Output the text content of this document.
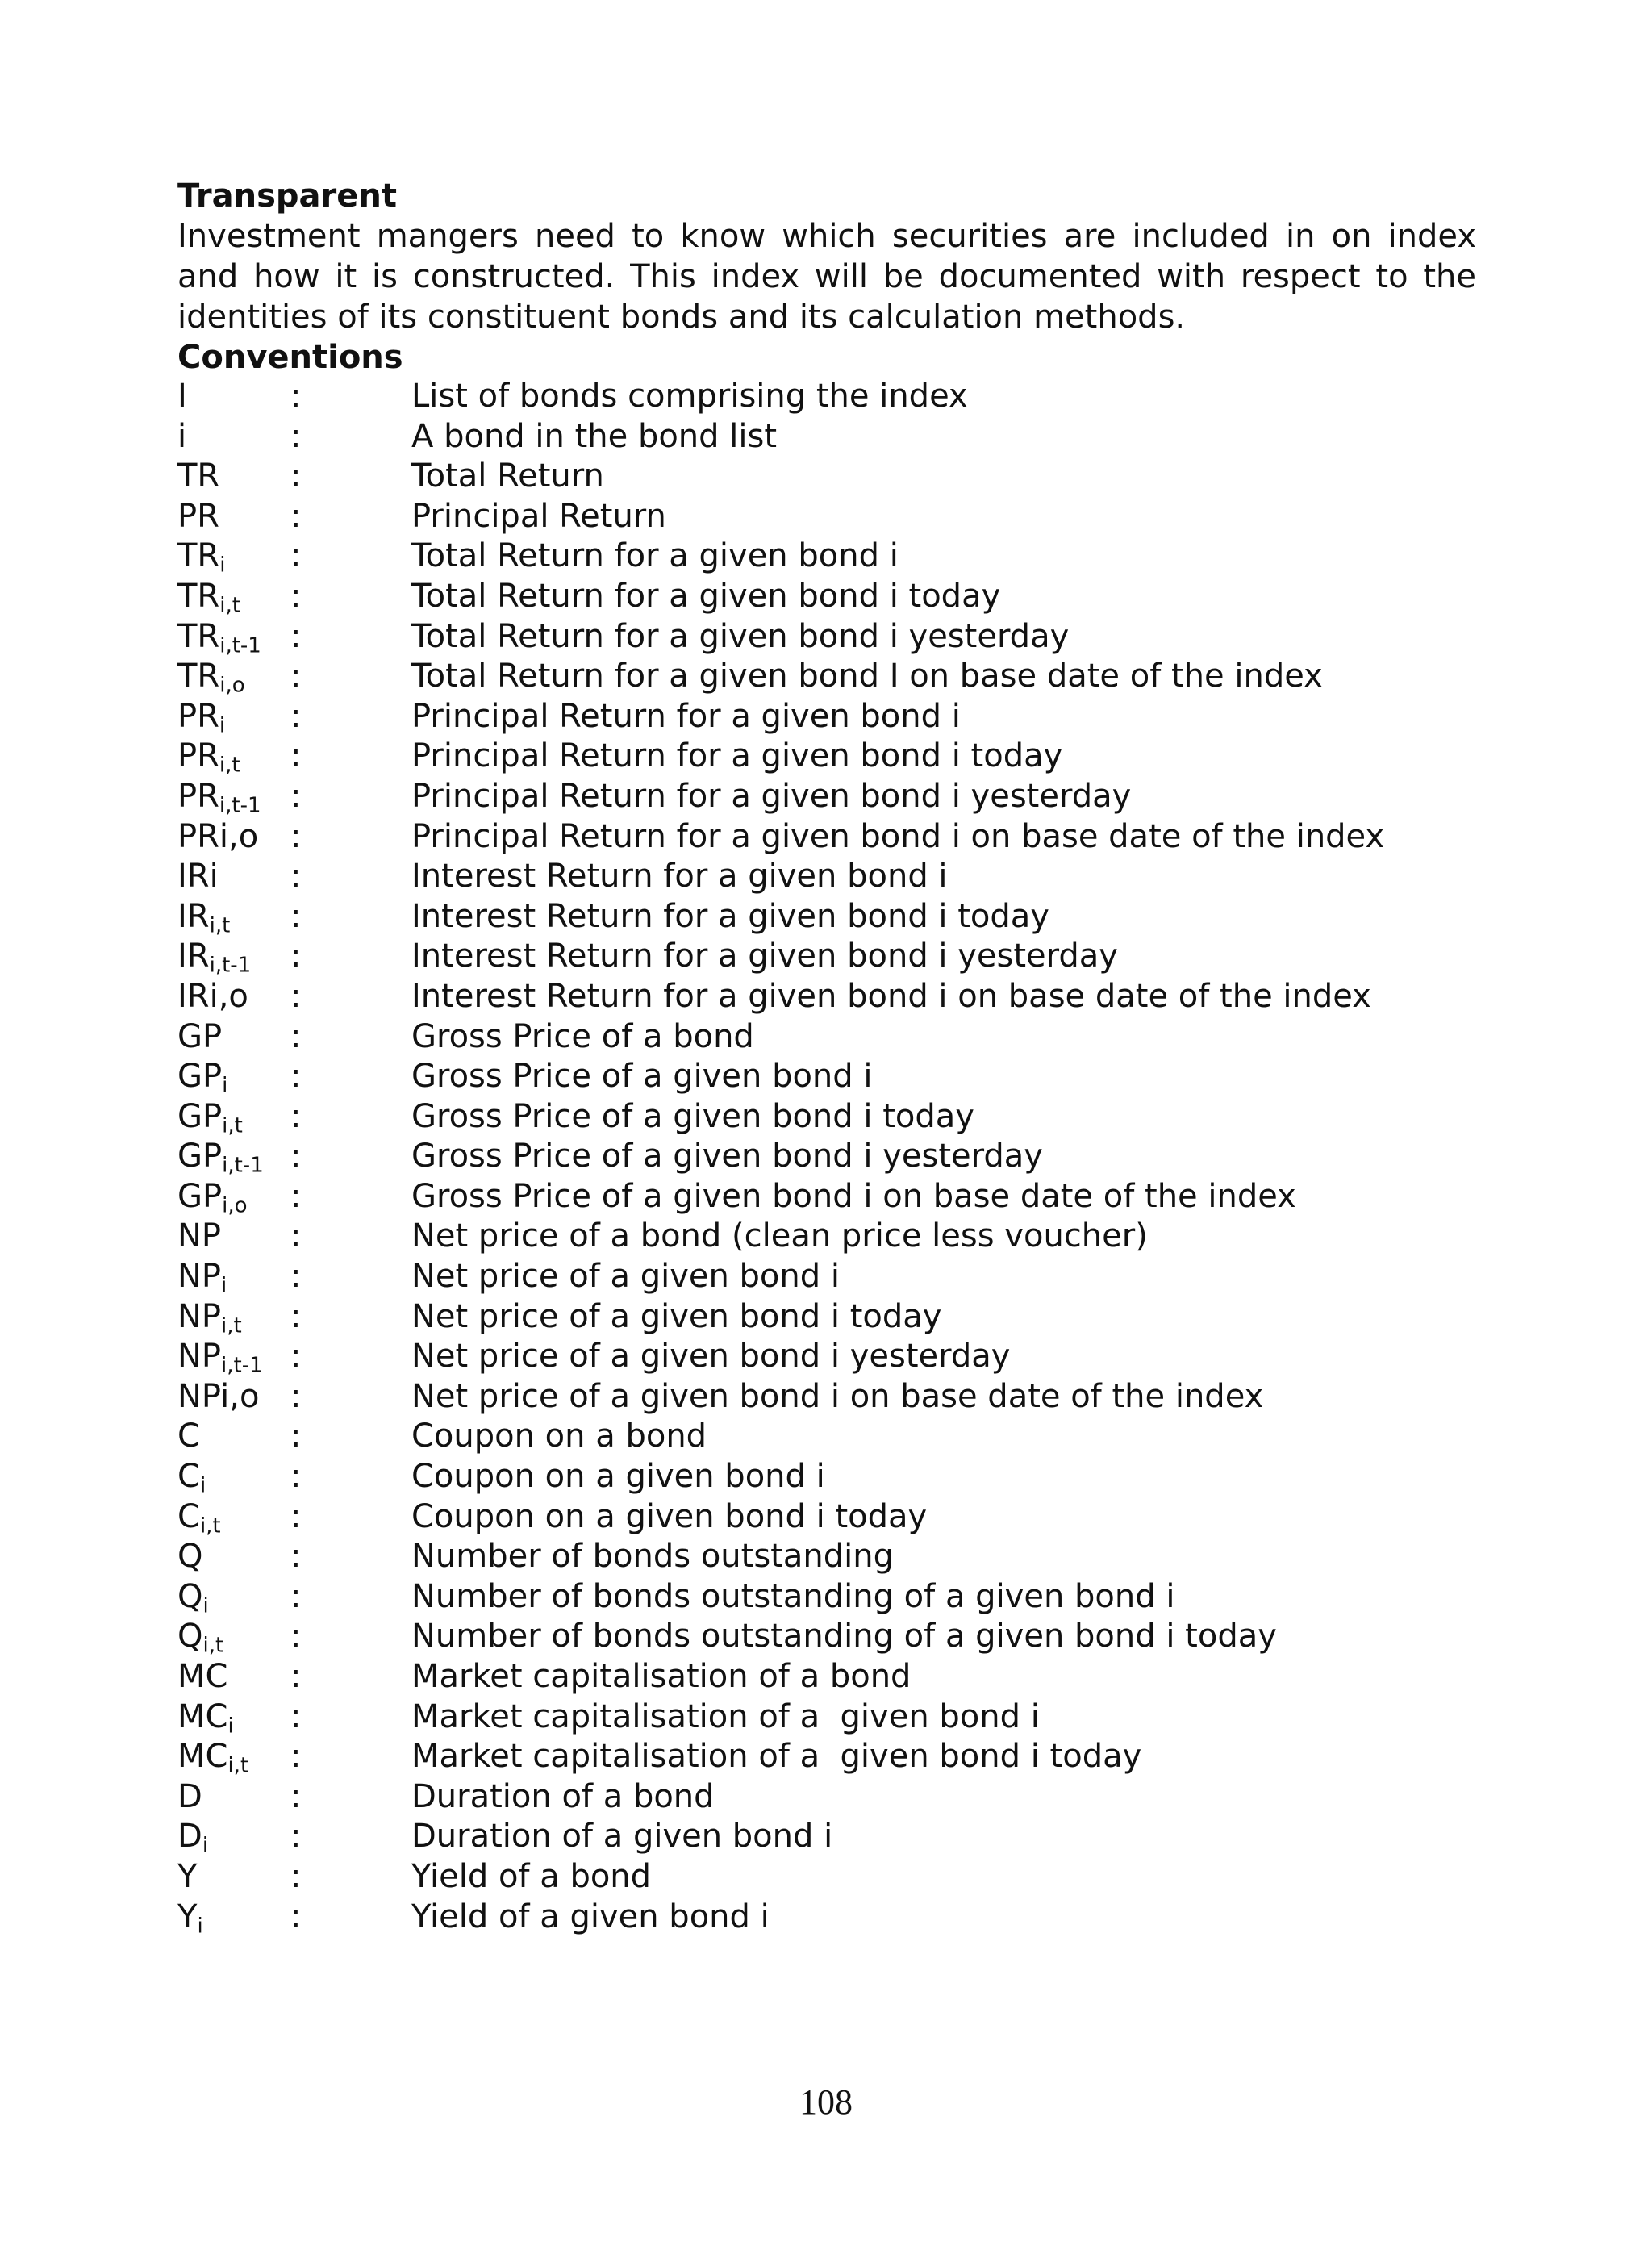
Transparent
Investment mangers need to know which securities are included in on index and how it is constructed. This index will be documented with respect to the identities of its constituent bonds and its calculation methods.
Conventions
I	:	List of bonds comprising the index
i	:	A bond in the bond list
TR	:	Total Return
PR	:	Principal Return
$TR_i$	:	Total Return for a given bond i
$TR_{i,t}$	:	Total Return for a given bond i today
$TR_{i,t-1}$ :	Total Return for a given bond i yesterday
$TR_{i,o}$	:	Total Return for a given bond I on base date of the index
$PR_i$	:	Principal Return for a given bond i
$PR_{i,t}$	:	Principal Return for a given bond i today
$PR_{i,t-1}$ :	Principal Return for a given bond i yesterday
PRi,o :	Principal Return for a given bond i on base date of the index
IRi	:	Interest Return for a given bond i
$IR_{i,t}$	:	Interest Return for a given bond i today
$IR_{i,t-1}$	:	Interest Return for a given bond i yesterday
IRi,o	:	Interest Return for a given bond i on base date of the index
GP	:	Gross Price of a bond
$GP_i$	:	Gross Price of a given bond i
$GP_{i,t}$	:	Gross Price of a given bond i today
$GP_{i,t-1}$ :	Gross Price of a given bond i yesterday
$GP_{i,o}$	:	Gross Price of a given bond i on base date of the index
NP	:	Net price of a bond (clean price less voucher)
$NP_i$	:	Net price of a given bond i
$NP_{i,t}$	:	Net price of a given bond i today
$NP_{i,t-1}$ :	Net price of a given bond i yesterday
NPi,o :	Net price of a given bond i on base date of the index
C	:	Coupon on a bond
$C_i$	:	Coupon on a given bond i
$C_{i,t}$	:	Coupon on a given bond i today
Q	:	Number of bonds outstanding
$Q_i$	:	Number of bonds outstanding of a given bond i
$Q_{i,t}$	:	Number of bonds outstanding of a given bond i today
MC	:	Market capitalisation of a bond
$MC_i$	:	Market capitalisation of a  given bond i
$MC_{i,t}$	:	Market capitalisation of a  given bond i today
D	:	Duration of a bond
$D_i$	:	Duration of a given bond i
Y	:	Yield of a bond
$Y_i$	:	Yield of a given bond i
108
